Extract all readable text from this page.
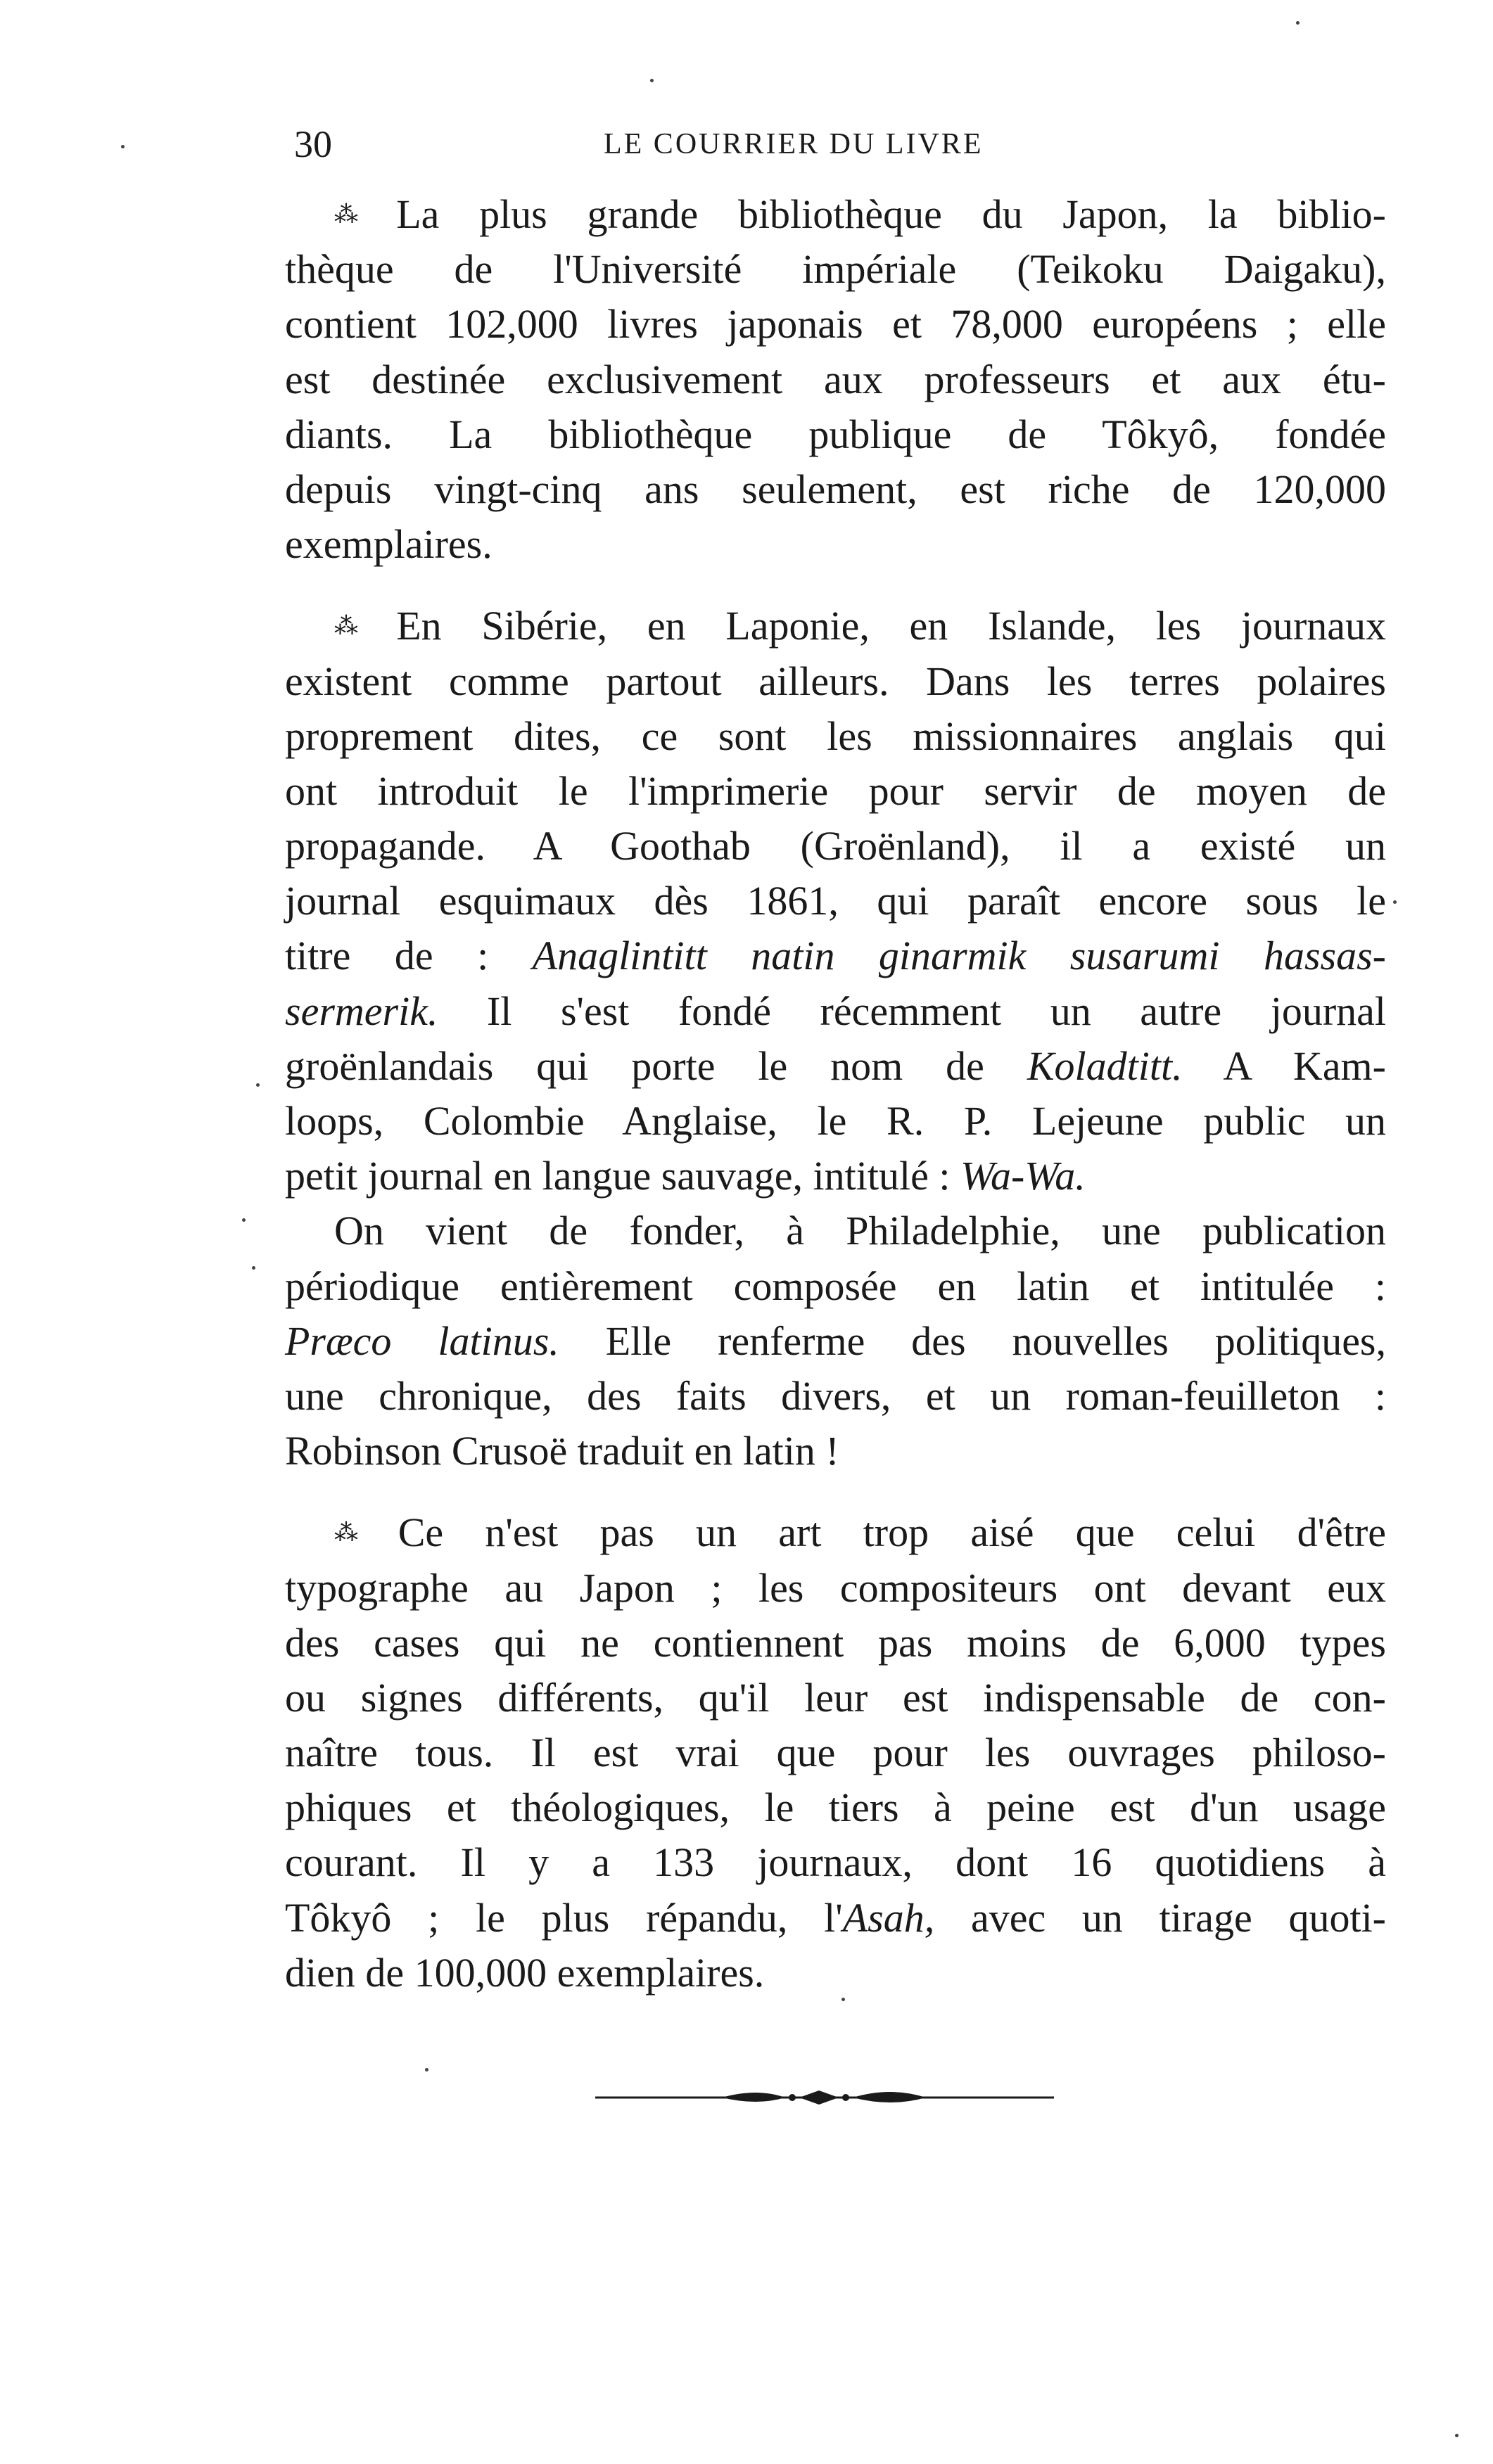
30	LE COURRIER DU LIVRE
⁂ La plus grande bibliothèque du Japon, la biblio-
thèque de l'Université impériale (Teikoku Daigaku),
contient 102,000 livres japonais et 78,000 européens ; elle
est destinée exclusivement aux professeurs et aux étu-
diants. La bibliothèque publique de Tôkyô, fondée
depuis vingt-cinq ans seulement, est riche de 120,000
exemplaires.
⁂ En Sibérie, en Laponie, en Islande, les journaux
existent comme partout ailleurs. Dans les terres polaires
proprement dites, ce sont les missionnaires anglais qui
ont introduit le l'imprimerie pour servir de moyen de
propagande. A Goothab (Groënland), il a existé un
journal esquimaux dès 1861, qui paraît encore sous le
titre de : Anaglintitt natin ginarmik susarumi hassas-
sermerik. Il s'est fondé récemment un autre journal
groënlandais qui porte le nom de Koladtitt. A Kam-
loops, Colombie Anglaise, le R. P. Lejeune public un
petit journal en langue sauvage, intitulé : Wa-Wa.
On vient de fonder, à Philadelphie, une publication
périodique entièrement composée en latin et intitulée :
Præco latinus. Elle renferme des nouvelles politiques,
une chronique, des faits divers, et un roman-feuilleton :
Robinson Crusoë traduit en latin !
⁂ Ce n'est pas un art trop aisé que celui d'être
typographe au Japon ; les compositeurs ont devant eux
des cases qui ne contiennent pas moins de 6,000 types
ou signes différents, qu'il leur est indispensable de con-
naître tous. Il est vrai que pour les ouvrages philoso-
phiques et théologiques, le tiers à peine est d'un usage
courant. Il y a 133 journaux, dont 16 quotidiens à
Tôkyô ; le plus répandu, l'Asah, avec un tirage quoti-
dien de 100,000 exemplaires.
